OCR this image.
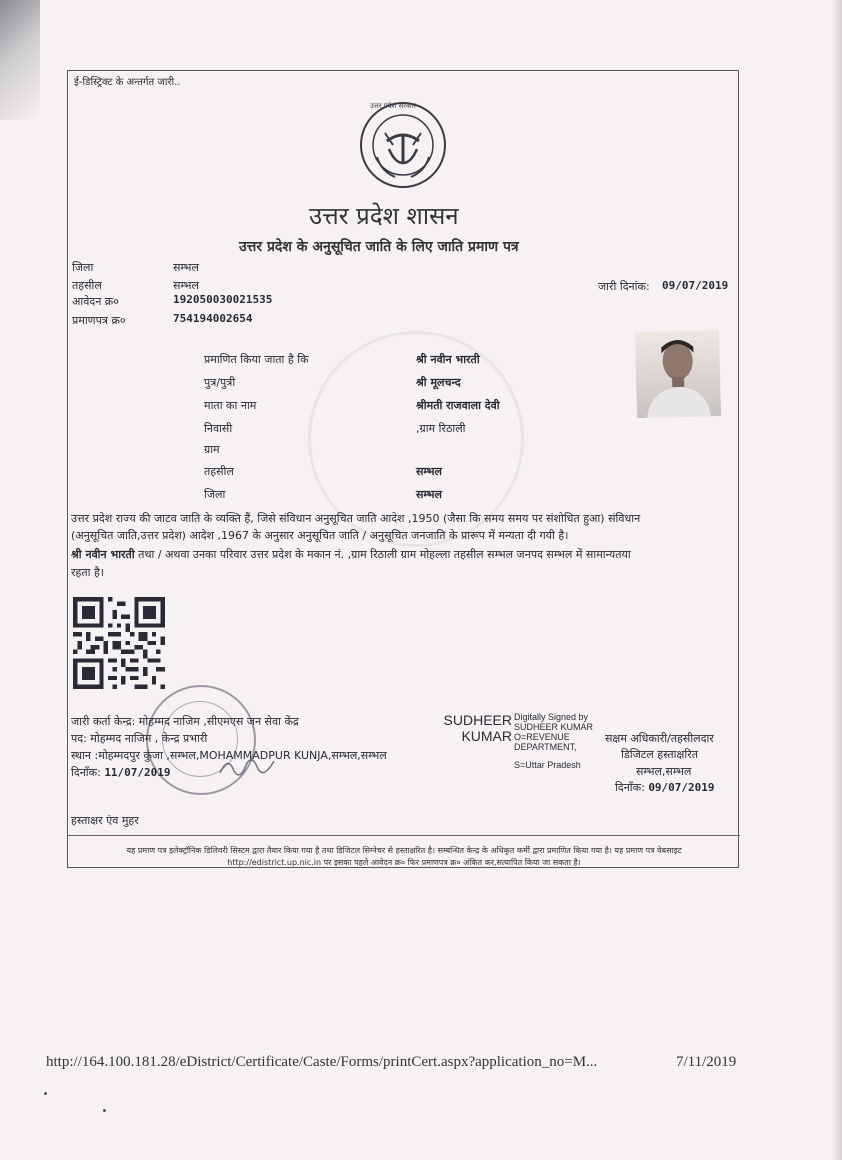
ई-डिस्ट्रिक्ट के अन्तर्गत जारी..
उत्तर प्रदेश सरकार
उत्तर प्रदेश शासन
उत्तर प्रदेश के अनुसूचित जाति के लिए जाति प्रमाण पत्र
जिला	सम्भल
तहसील	सम्भल
आवेदन क्र०	192050030021535
प्रमाणपत्र क्र०	754194002654
जारी दिनांक: 09/07/2019
प्रमाणित किया जाता है कि	श्री नवीन भारती
पुत्र/पुत्री	श्री मूलचन्द
माता का नाम	श्रीमती राजवाला देवी
निवासी	,ग्राम रिठाली
ग्राम
तहसील	सम्भल
जिला	सम्भल
उत्तर प्रदेश राज्य की जाटव जाति के व्यक्ति हैं, जिसे संविधान अनुसूचित जाति आदेश ,1950 (जैसा कि समय समय पर संशोधित हुआ) संविधान
(अनुसूचित जाति,उत्तर प्रदेश) आदेश ,1967 के अनुसार अनुसूचित जाति / अनुसूचित जनजाति के प्रारूप में मन्यता दी गयी है।
श्री नवीन भारती तथा / अथवा उनका परिवार उत्तर प्रदेश के मकान नं. ,ग्राम रिठाली ग्राम मोहल्ला तहसील सम्भल जनपद सम्भल में सामान्यतया
रहता है।
जारी कर्ता केन्द्र: मोहम्मद नाजिम ,सीएमएस जन सेवा केंद्र
पद: मोहम्मद नाजिम , केन्द्र प्रभारी
स्थान :मोहम्मदपुर कुंजा ,सम्भल,MOHAMMADPUR KUNJA,सम्भल,सम्भल
दिनाँक: 11/07/2019
SUDHEER
KUMAR
Digitally Signed by
SUDHEER KUMAR
O=REVENUE
DEPARTMENT,
S=Uttar Pradesh
सक्षम अधिकारी/तहसीलदार
डिजिटल हस्ताक्षरित
सम्भल,सम्भल
दिनाँक: 09/07/2019
हस्ताक्षर एंव मुहर
यह प्रमाण पत्र इलेक्ट्रॉनिक डिलिवरी सिस्टम द्वारा तैयार किया गया है तथा डिजिटल सिग्नेचर से हस्ताक्षरित है। सम्बन्धित केन्द्र के अधिकृत कर्मी द्वारा प्रमाणित किया गया है। यह प्रमाण पत्र वेबसाइट
http://edistrict.up.nic.in पर इसका पहले आवेदन क्र० फिर प्रमाणपत्र क्र० अंकित कर,सत्यापित किया जा सकता है।
http://164.100.181.28/eDistrict/Certificate/Caste/Forms/printCert.aspx?application_no=M...	7/11/2019
